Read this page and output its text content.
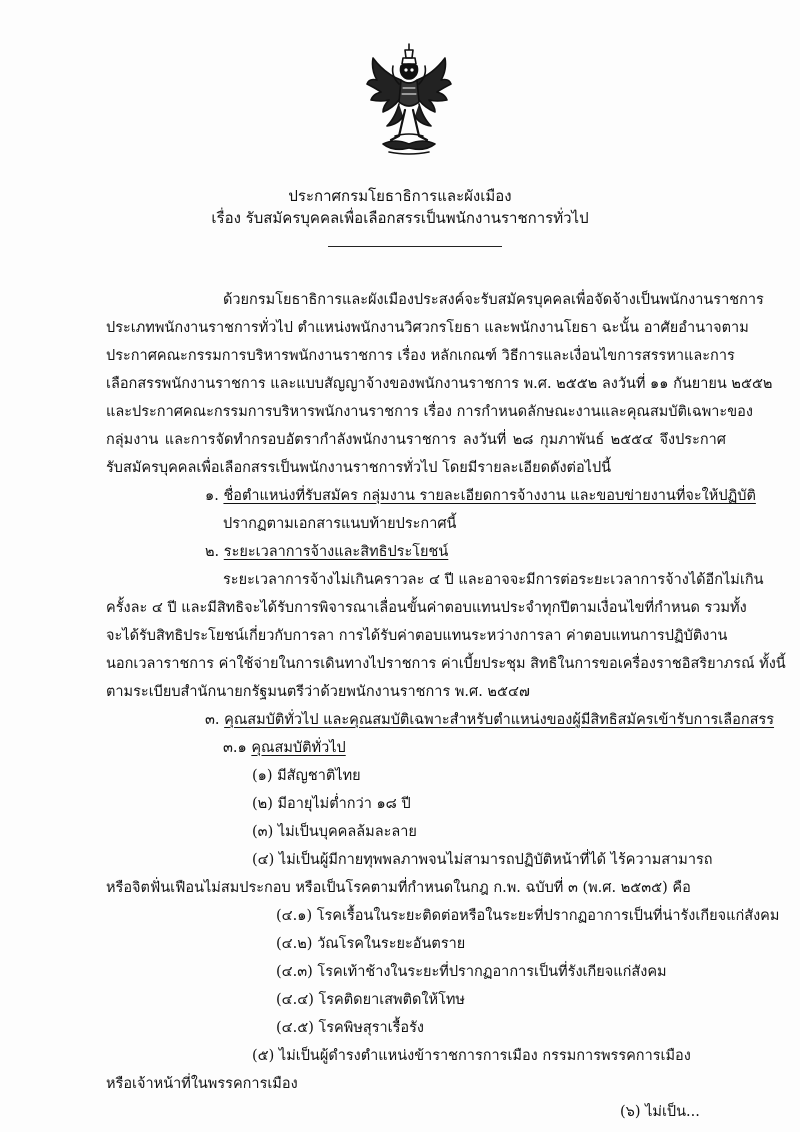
ประกาศกรมโยธาธิการและผังเมือง
เรื่อง รับสมัครบุคคลเพื่อเลือกสรรเป็นพนักงานราชการทั่วไป
ด้วยกรมโยธาธิการและผังเมืองประสงค์จะรับสมัครบุคคลเพื่อจัดจ้างเป็นพนักงานราชการ
ประเภทพนักงานราชการทั่วไป ตำแหน่งพนักงานวิศวกรโยธา และพนักงานโยธา ฉะนั้น อาศัยอำนาจตาม
ประกาศคณะกรรมการบริหารพนักงานราชการ เรื่อง หลักเกณฑ์ วิธีการและเงื่อนไขการสรรหาและการ
เลือกสรรพนักงานราชการ และแบบสัญญาจ้างของพนักงานราชการ พ.ศ. ๒๕๕๒ ลงวันที่ ๑๑ กันยายน ๒๕๕๒
และประกาศคณะกรรมการบริหารพนักงานราชการ เรื่อง การกำหนดลักษณะงานและคุณสมบัติเฉพาะของ
กลุ่มงาน และการจัดทำกรอบอัตรากำลังพนักงานราชการ ลงวันที่ ๒๘ กุมภาพันธ์ ๒๕๕๔ จึงประกาศ
รับสมัครบุคคลเพื่อเลือกสรรเป็นพนักงานราชการทั่วไป โดยมีรายละเอียดดังต่อไปนี้
๑. ชื่อตำแหน่งที่รับสมัคร กลุ่มงาน รายละเอียดการจ้างงาน และขอบข่ายงานที่จะให้ปฏิบัติ
ปรากฏตามเอกสารแนบท้ายประกาศนี้
๒. ระยะเวลาการจ้างและสิทธิประโยชน์
ระยะเวลาการจ้างไม่เกินคราวละ ๔ ปี และอาจจะมีการต่อระยะเวลาการจ้างได้อีกไม่เกิน
ครั้งละ ๔ ปี และมีสิทธิจะได้รับการพิจารณาเลื่อนขั้นค่าตอบแทนประจำทุกปีตามเงื่อนไขที่กำหนด รวมทั้ง
จะได้รับสิทธิประโยชน์เกี่ยวกับการลา การได้รับค่าตอบแทนระหว่างการลา ค่าตอบแทนการปฏิบัติงาน
นอกเวลาราชการ ค่าใช้จ่ายในการเดินทางไปราชการ ค่าเบี้ยประชุม สิทธิในการขอเครื่องราชอิสริยาภรณ์ ทั้งนี้
ตามระเบียบสำนักนายกรัฐมนตรีว่าด้วยพนักงานราชการ พ.ศ. ๒๕๔๗
๓. คุณสมบัติทั่วไป และคุณสมบัติเฉพาะสำหรับตำแหน่งของผู้มีสิทธิสมัครเข้ารับการเลือกสรร
๓.๑ คุณสมบัติทั่วไป
(๑) มีสัญชาติไทย
(๒) มีอายุไม่ต่ำกว่า ๑๘ ปี
(๓) ไม่เป็นบุคคลล้มละลาย
(๔) ไม่เป็นผู้มีกายทุพพลภาพจนไม่สามารถปฏิบัติหน้าที่ได้ ไร้ความสามารถ
หรือจิตฟั่นเฟือนไม่สมประกอบ หรือเป็นโรคตามที่กำหนดในกฎ ก.พ. ฉบับที่ ๓ (พ.ศ. ๒๕๓๕) คือ
(๔.๑) โรคเรื้อนในระยะติดต่อหรือในระยะที่ปรากฏอาการเป็นที่น่ารังเกียจแก่สังคม
(๔.๒) วัณโรคในระยะอันตราย
(๔.๓) โรคเท้าช้างในระยะที่ปรากฏอาการเป็นที่รังเกียจแก่สังคม
(๔.๔) โรคติดยาเสพติดให้โทษ
(๔.๕) โรคพิษสุราเรื้อรัง
(๕) ไม่เป็นผู้ดำรงตำแหน่งข้าราชการการเมือง กรรมการพรรคการเมือง
หรือเจ้าหน้าที่ในพรรคการเมือง
(๖) ไม่เป็น...
